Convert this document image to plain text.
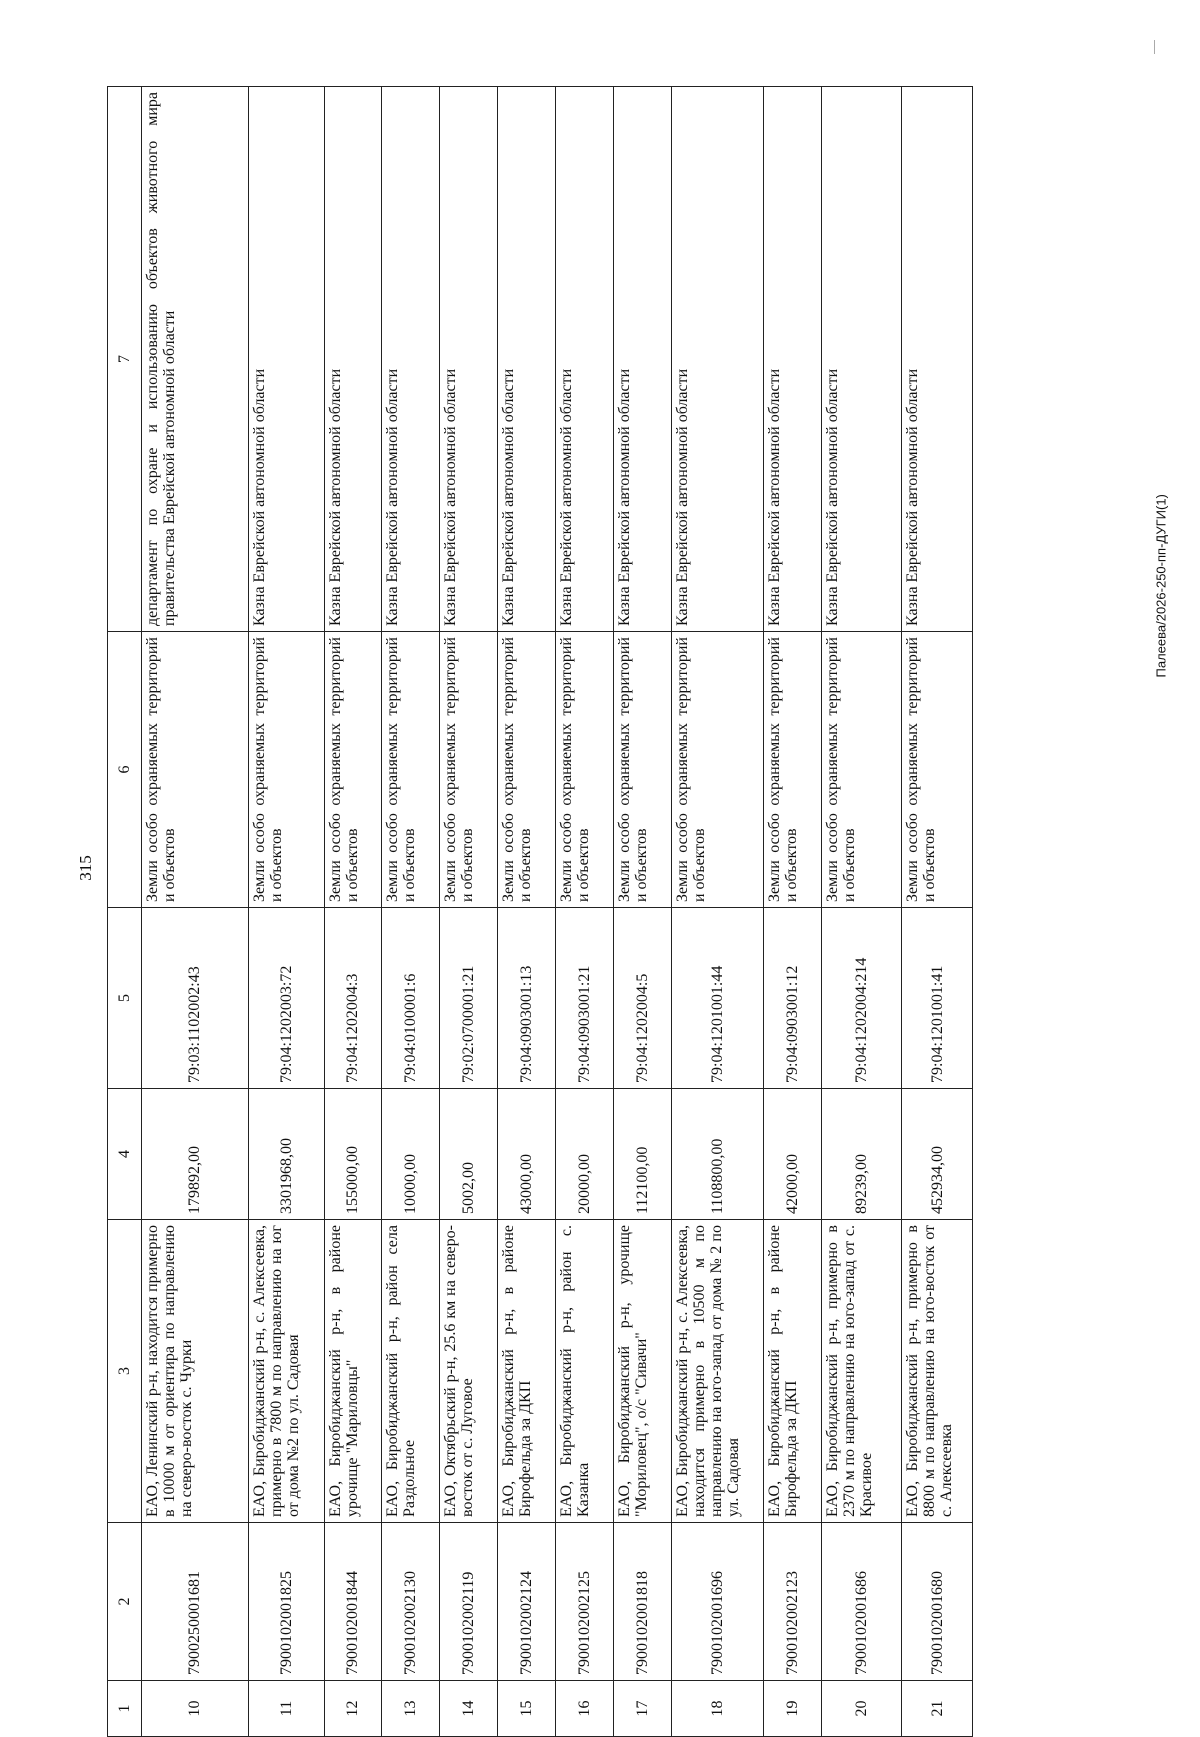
315
1	2	3	4	5	6	7
10	7900250001681	ЕАО, Ленинский р-н, находится примерно в 10000 м от ориентира по направлению на северо-восток с. Чурки	179892,00	79:03:1102002:43	Земли особо охраняемых территорий и объектов	департамент по охране и использованию объектов животного мира правительства Еврейской автономной области
11	7900102001825	ЕАО, Биробиджанский р-н, с. Алексеевка, примерно в 7800 м по направлению на юг от дома №2 по ул. Садовая	3301968,00	79:04:1202003:72	Земли особо охраняемых территорий и объектов	Казна Еврейской автономной области
12	7900102001844	ЕАО, Биробиджанский р-н, в районе урочище "Мариловцы"	155000,00	79:04:1202004:3	Земли особо охраняемых территорий и объектов	Казна Еврейской автономной области
13	7900102002130	ЕАО, Биробиджанский р-н, район села Раздольное	10000,00	79:04:0100001:6	Земли особо охраняемых территорий и объектов	Казна Еврейской автономной области
14	7900102002119	ЕАО, Октябрьский р-н, 25.6 км на северо-восток от с. Луговое	5002,00	79:02:0700001:21	Земли особо охраняемых территорий и объектов	Казна Еврейской автономной области
15	7900102002124	ЕАО, Биробиджанский р-н, в районе Бирофельда за ДКП	43000,00	79:04:0903001:13	Земли особо охраняемых территорий и объектов	Казна Еврейской автономной области
16	7900102002125	ЕАО, Биробиджанский р-н, район с. Казанка	20000,00	79:04:0903001:21	Земли особо охраняемых территорий и объектов	Казна Еврейской автономной области
17	7900102001818	ЕАО, Биробиджанский р-н, урочище "Мориловец", о/с "Сивачи"	112100,00	79:04:1202004:5	Земли особо охраняемых территорий и объектов	Казна Еврейской автономной области
18	7900102001696	ЕАО, Биробиджанский р-н, с. Алексеевка, находится примерно в 10500 м по направлению на юго-запад от дома № 2 по ул. Садовая	1108800,00	79:04:1201001:44	Земли особо охраняемых территорий и объектов	Казна Еврейской автономной области
19	7900102002123	ЕАО, Биробиджанский р-н, в районе Бирофельда за ДКП	42000,00	79:04:0903001:12	Земли особо охраняемых территорий и объектов	Казна Еврейской автономной области
20	7900102001686	ЕАО, Биробиджанский р-н, примерно в 2370 м по направлению на юго-запад от с. Красивое	89239,00	79:04:1202004:214	Земли особо охраняемых территорий и объектов	Казна Еврейской автономной области
21	7900102001680	ЕАО, Биробиджанский р-н, примерно в 8800 м по направлению на юго-восток от с. Алексеевка	452934,00	79:04:1201001:41	Земли особо охраняемых территорий и объектов	Казна Еврейской автономной области	Палеева/2026-250-пп-ДУГИ(1)
